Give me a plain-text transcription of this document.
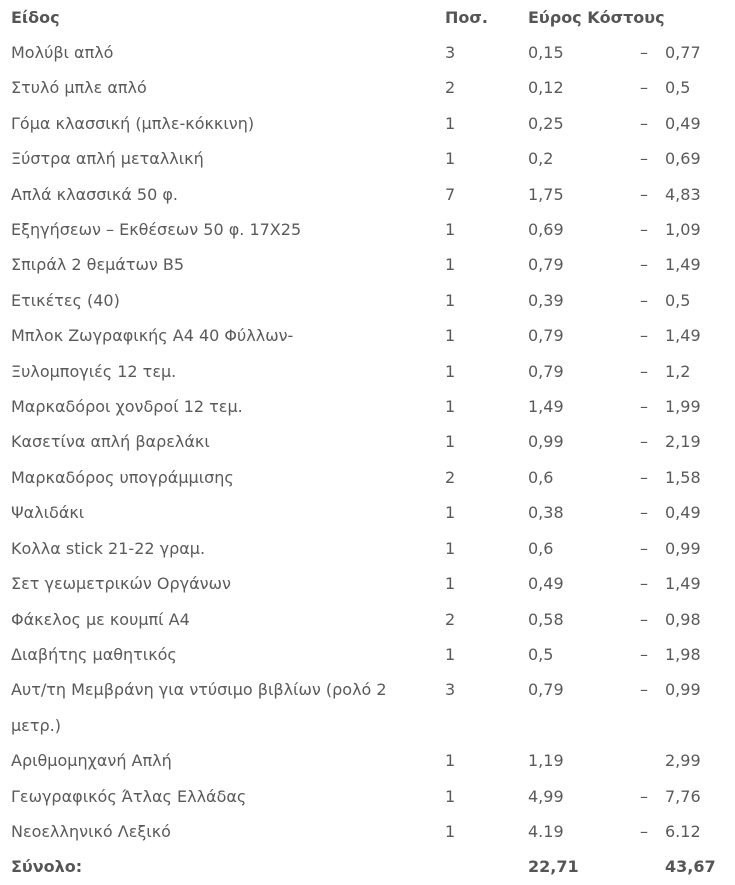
Είδος	Ποσ.	Εύρος Κόστους		
Μολύβι απλό	3	0,15	–	0,77
Στυλό μπλε απλό	2	0,12	–	0,5
Γόμα κλασσική (μπλε-κόκκινη)	1	0,25	–	0,49
Ξύστρα απλή μεταλλική	1	0,2	–	0,69
Απλά κλασσικά 50 φ.	7	1,75	–	4,83
Εξηγήσεων – Εκθέσεων 50 φ. 17Χ25	1	0,69	–	1,09
Σπιράλ 2 θεμάτων Β5	1	0,79	–	1,49
Ετικέτες (40)	1	0,39	–	0,5
Μπλοκ Ζωγραφικής Α4 40 Φύλλων-	1	0,79	–	1,49
Ξυλομπογιές 12 τεμ.	1	0,79	–	1,2
Μαρκαδόροι χονδροί 12 τεμ.	1	1,49	–	1,99
Κασετίνα απλή βαρελάκι	1	0,99	–	2,19
Μαρκαδόρος υπογράμμισης	2	0,6	–	1,58
Ψαλιδάκι	1	0,38	–	0,49
Κολλα stick 21-22 γραμ.	1	0,6	–	0,99
Σετ γεωμετρικών Οργάνων	1	0,49	–	1,49
Φάκελος με κουμπί Α4	2	0,58	–	0,98
Διαβήτης μαθητικός	1	0,5	–	1,98
Αυτ/τη Μεμβράνη για ντύσιμο βιβλίων (ρολό 2 μετρ.)	3	0,79	–	0,99
Αριθμομηχανή Απλή	1	1,19		2,99
Γεωγραφικός Άτλας Ελλάδας	1	4,99	–	7,76
Νεοελληνικό Λεξικό	1	4.19	–	6.12
Σύνολο:		22,71		43,67
